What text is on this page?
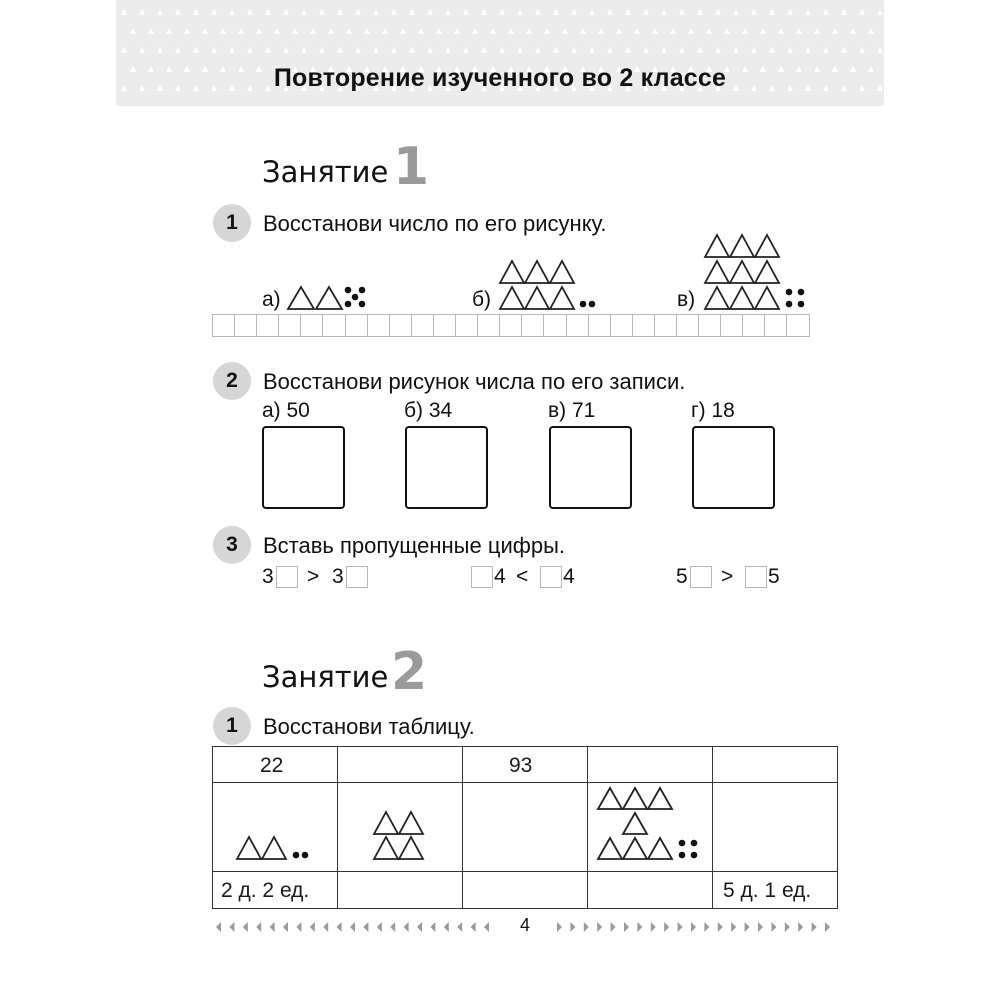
Повторение изученного во 2 классе
Занятие 1
1	Восстанови число по его рисунку.
а)	б)	в)
2	Восстанови рисунок числа по его записи.
а) 50	б) 34	в) 71	г) 18
3	Вставь пропущенные цифры.
3 > 3	4 < 4	5 > 5
Занятие 2
1	Восстанови таблицу.
22		93		

2 д. 2 ед.				5 д. 1 ед.
4
